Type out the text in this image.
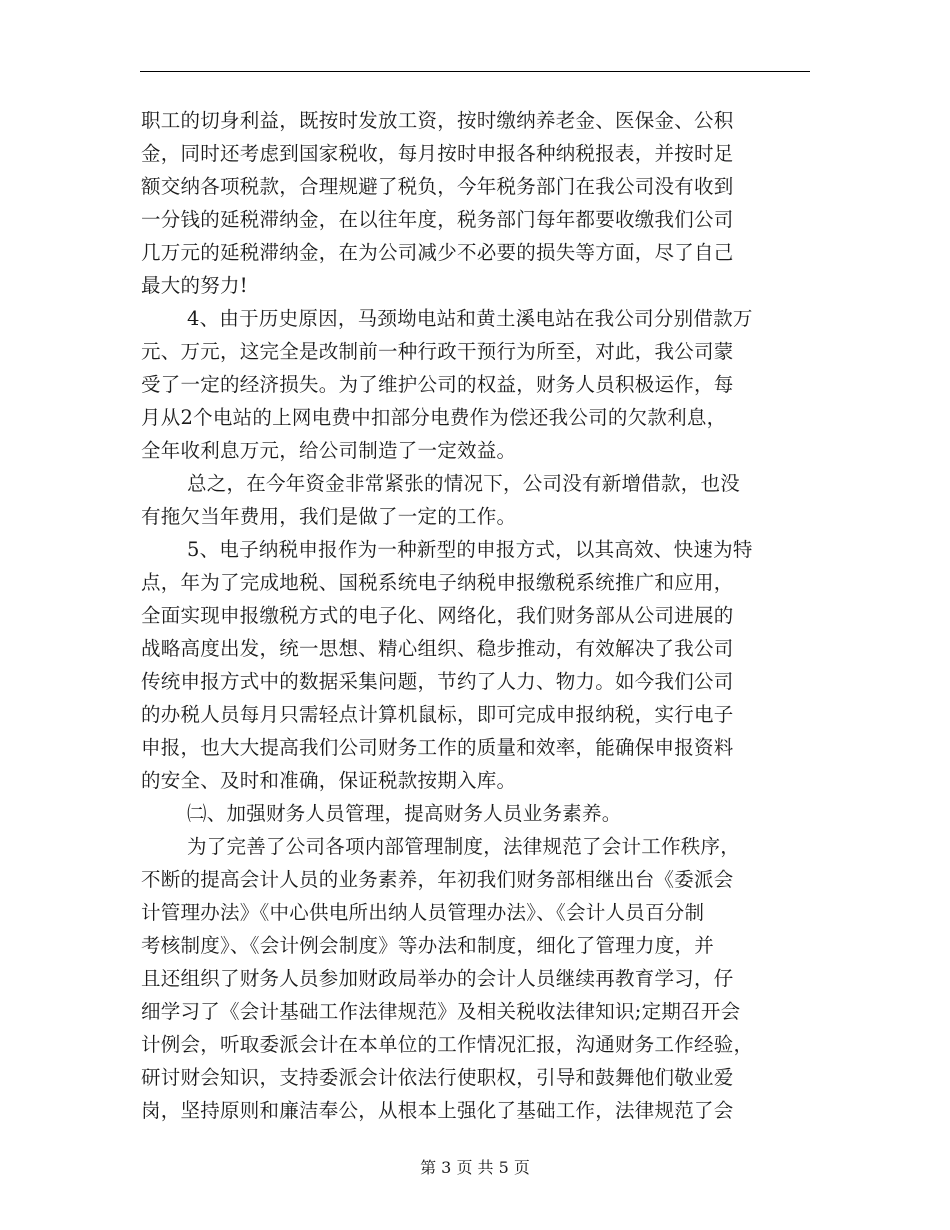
职工的切身利益，既按时发放工资，按时缴纳养老金、医保金、公积
金，同时还考虑到国家税收，每月按时申报各种纳税报表，并按时足
额交纳各项税款，合理规避了税负，今年税务部门在我公司没有收到
一分钱的延税滞纳金，在以往年度，税务部门每年都要收缴我们公司
几万元的延税滞纳金，在为公司减少不必要的损失等方面，尽了自己
最大的努力!
4、由于历史原因，马颈坳电站和黄土溪电站在我公司分别借款万
元、万元，这完全是改制前一种行政干预行为所至，对此，我公司蒙
受了一定的经济损失。为了维护公司的权益，财务人员积极运作，每
月从2个电站的上网电费中扣部分电费作为偿还我公司的欠款利息，
全年收利息万元，给公司制造了一定效益。
总之，在今年资金非常紧张的情况下，公司没有新增借款，也没
有拖欠当年费用，我们是做了一定的工作。
5、电子纳税申报作为一种新型的申报方式，以其高效、快速为特
点，年为了完成地税、国税系统电子纳税申报缴税系统推广和应用，
全面实现申报缴税方式的电子化、网络化，我们财务部从公司进展的
战略高度出发，统一思想、精心组织、稳步推动，有效解决了我公司
传统申报方式中的数据采集问题，节约了人力、物力。如今我们公司
的办税人员每月只需轻点计算机鼠标，即可完成申报纳税，实行电子
申报，也大大提高我们公司财务工作的质量和效率，能确保申报资料
的安全、及时和准确，保证税款按期入库。
㈡、加强财务人员管理，提高财务人员业务素养。
为了完善了公司各项内部管理制度，法律规范了会计工作秩序，
不断的提高会计人员的业务素养，年初我们财务部相继出台《委派会
计管理办法》《中心供电所出纳人员管理办法》、《会计人员百分制
考核制度》、《会计例会制度》等办法和制度，细化了管理力度，并
且还组织了财务人员参加财政局举办的会计人员继续再教育学习，仔
细学习了《会计基础工作法律规范》及相关税收法律知识;定期召开会
计例会，听取委派会计在本单位的工作情况汇报，沟通财务工作经验，
研讨财会知识，支持委派会计依法行使职权，引导和鼓舞他们敬业爱
岗，坚持原则和廉洁奉公，从根本上强化了基础工作，法律规范了会
第 3 页 共 5 页
